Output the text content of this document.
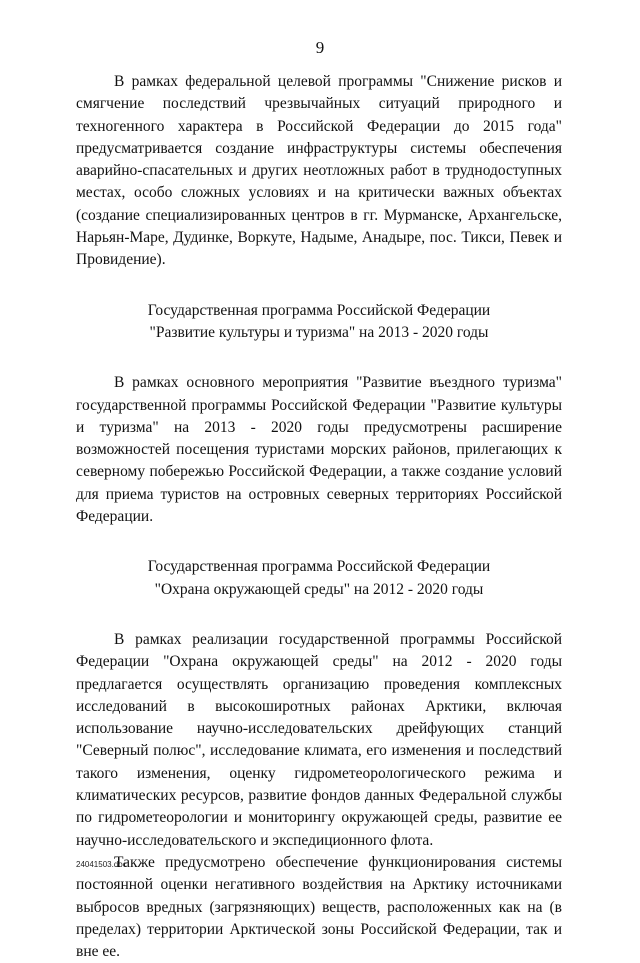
9

В рамках федеральной целевой программы "Снижение рисков и смягчение последствий чрезвычайных ситуаций природного и техногенного характера в Российской Федерации до 2015 года" предусматривается создание инфраструктуры системы обеспечения аварийно-спасательных и других неотложных работ в труднодоступных местах, особо сложных условиях и на критически важных объектах (создание специализированных центров в гг. Мурманске, Архангельске, Нарьян-Маре, Дудинке, Воркуте, Надыме, Анадыре, пос. Тикси, Певек и Провидение).

Государственная программа Российской Федерации

"Развитие культуры и туризма" на 2013 - 2020 годы

В рамках основного мероприятия "Развитие въездного туризма" государственной программы Российской Федерации "Развитие культуры и туризма" на 2013 - 2020 годы предусмотрены расширение возможностей посещения туристами морских районов, прилегающих к северному побережью Российской Федерации, а также создание условий для приема туристов на островных северных территориях Российской Федерации.

Государственная программа Российской Федерации

"Охрана окружающей среды" на 2012 - 2020 годы

В рамках реализации государственной программы Российской Федерации "Охрана окружающей среды" на 2012 - 2020 годы предлагается осуществлять организацию проведения комплексных исследований в высокоширотных районах Арктики, включая использование научно-исследовательских дрейфующих станций "Северный полюс", исследование климата, его изменения и последствий такого изменения, оценку гидрометеорологического режима и климатических ресурсов, развитие фондов данных Федеральной службы по гидрометеорологии и мониторингу окружающей среды, развитие ее научно-исследовательского и экспедиционного флота.

Также предусмотрено обеспечение функционирования системы постоянной оценки негативного воздействия на Арктику источниками выбросов вредных (загрязняющих) веществ, расположенных как на (в пределах) территории Арктической зоны Российской Федерации, так и вне ее.

24041503.doc
